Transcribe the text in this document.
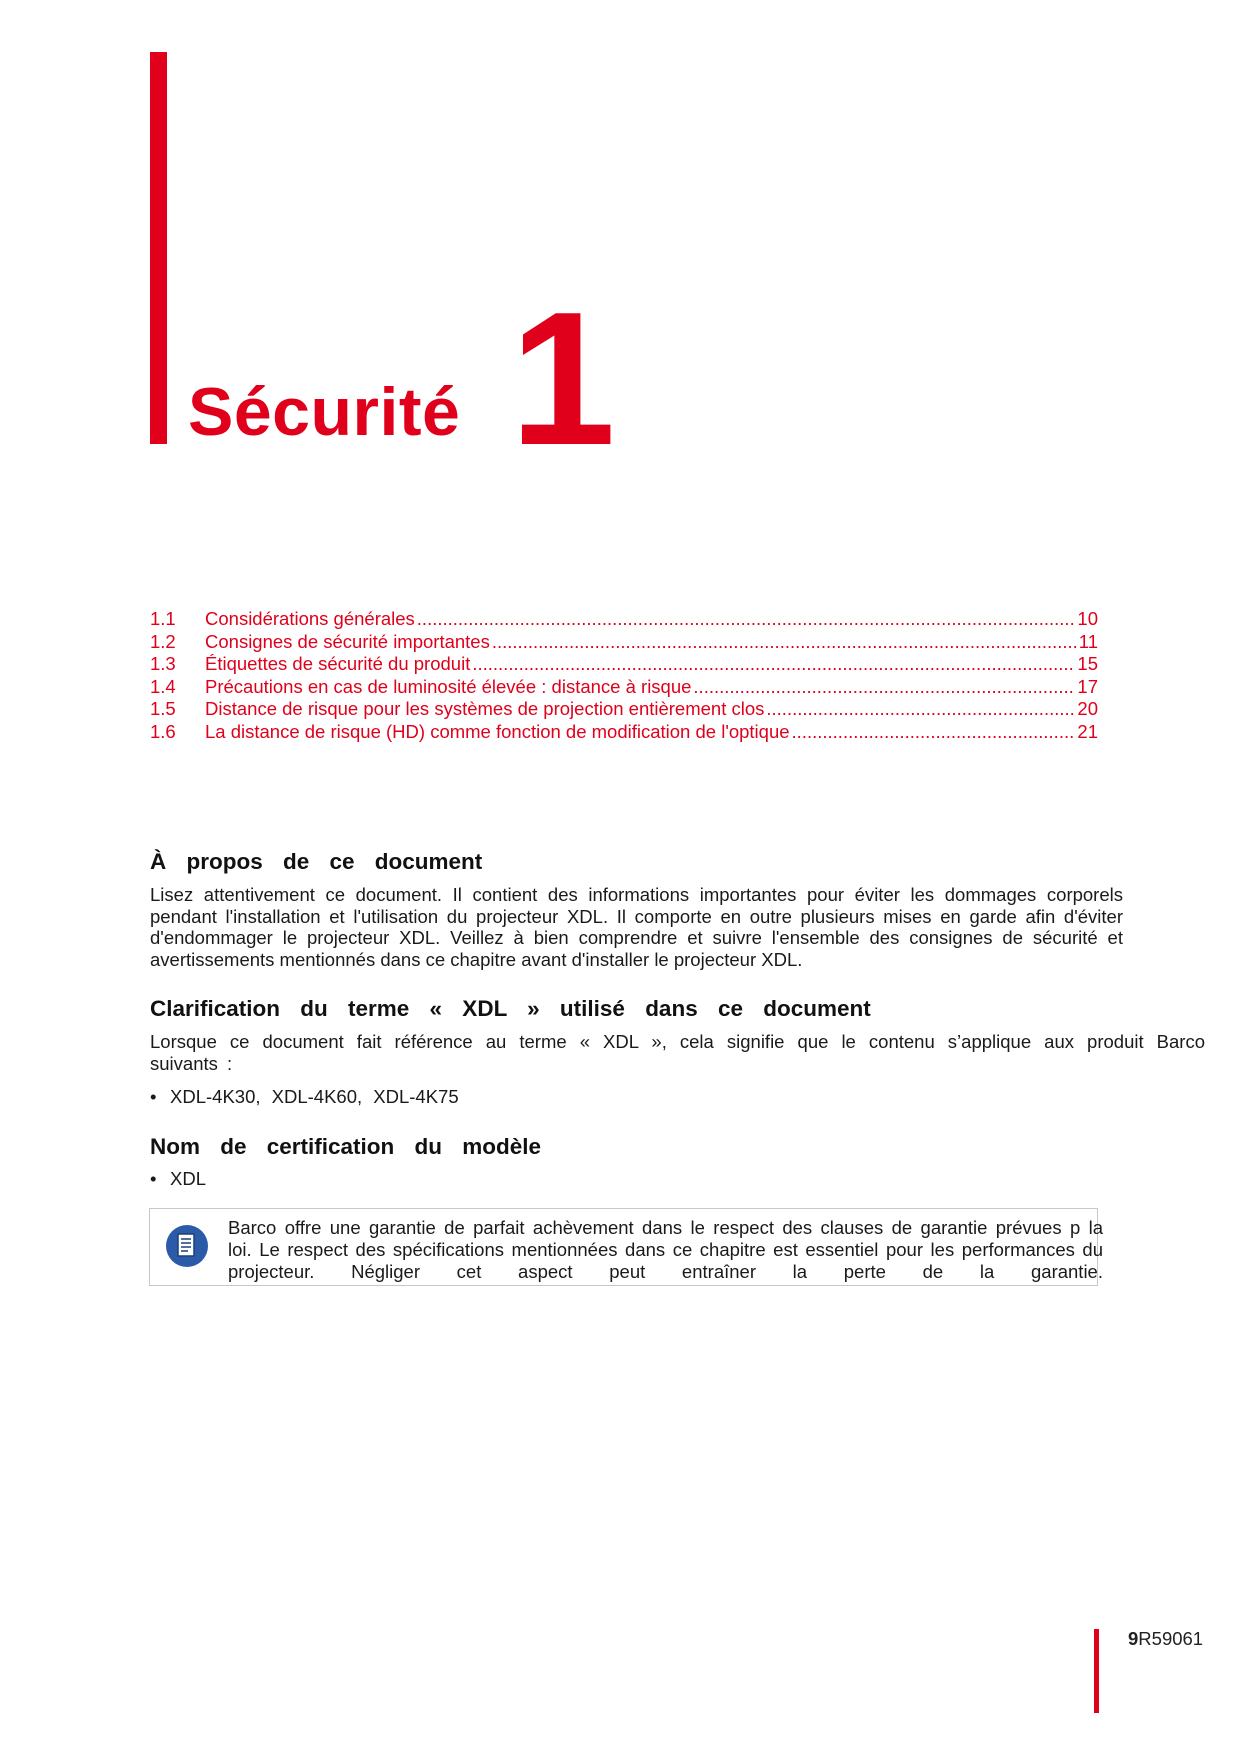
Sécurité 1
1.1	Considérations générales .....	10
1.2	Consignes de sécurité importantes .....	11
1.3	Étiquettes de sécurité du produit .....	15
1.4	Précautions en cas de luminosité élevée : distance à risque .....	17
1.5	Distance de risque pour les systèmes de projection entièrement clos .....	20
1.6	La distance de risque (HD) comme fonction de modification de l'optique .....	21
À propos de ce document

Lisez attentivement ce document. Il contient des informations importantes pour éviter les dommages corporels pendant l'installation et l'utilisation du projecteur XDL. Il comporte en outre plusieurs mises en garde afin d'éviter d'endommager le projecteur XDL. Veillez à bien comprendre et suivre l'ensemble des consignes de sécurité et avertissements mentionnés dans ce chapitre avant d'installer le projecteur XDL.

Clarification du terme « XDL » utilisé dans ce document

Lorsque ce document fait référence au terme « XDL », cela signifie que le contenu s’applique aux produit Barco suivants :

• XDL-4K30, XDL-4K60, XDL-4K75
Nom de certification du modèle
• XDL
Barco offre une garantie de parfait achèvement dans le respect des clauses de garantie prévues p la loi. Le respect des spécifications mentionnées dans ce chapitre est essentiel pour les performances du projecteur. Négliger cet aspect peut entraîner la perte de la garantie.
9R59061
